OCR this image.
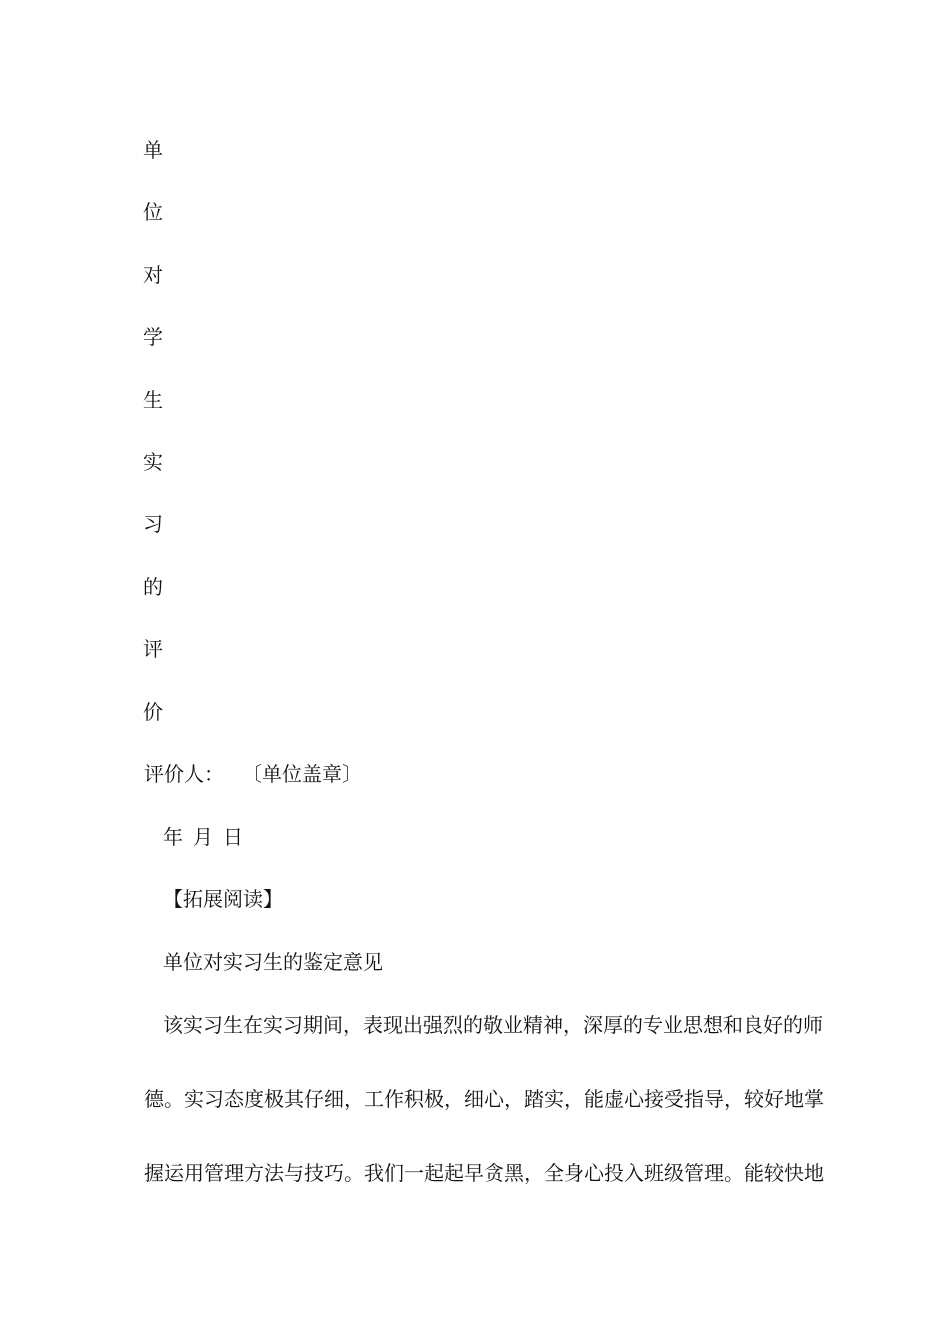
单
位
对
学
生
实
习
的
评
价
评价人： 〔单位盖章〕
年 月 日
【拓展阅读】
单位对实习生的鉴定意见
该实习生在实习期间，表现出强烈的敬业精神，深厚的专业思想和良好的师
德。实习态度极其仔细，工作积极，细心，踏实，能虚心接受指导，较好地掌
握运用管理方法与技巧。我们一起起早贪黑，全身心投入班级管理。能较快地
